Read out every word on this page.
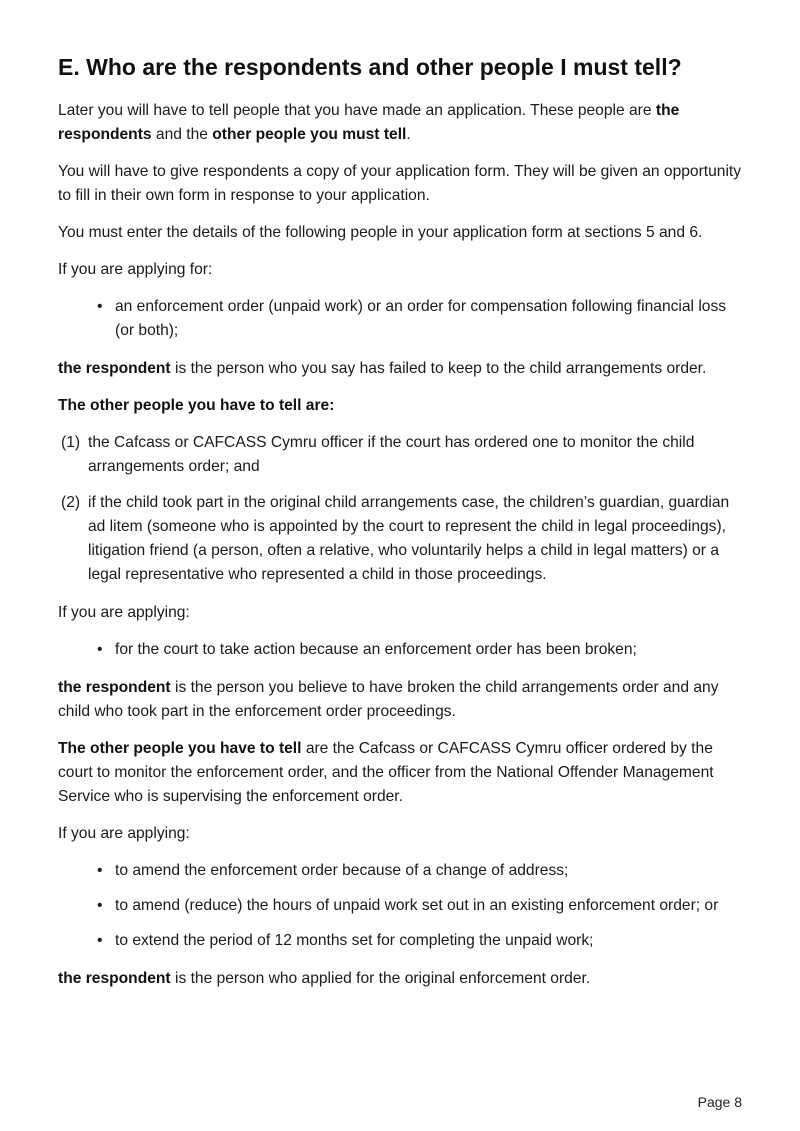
E. Who are the respondents and other people I must tell?

Later you will have to tell people that you have made an application. These people are the respondents and the other people you must tell.

You will have to give respondents a copy of your application form. They will be given an opportunity to fill in their own form in response to your application.

You must enter the details of the following people in your application form at sections 5 and 6.

If you are applying for:

• an enforcement order (unpaid work) or an order for compensation following financial loss (or both);

the respondent is the person who you say has failed to keep to the child arrangements order.

The other people you have to tell are:

(1) the Cafcass or CAFCASS Cymru officer if the court has ordered one to monitor the child arrangements order; and
(2) if the child took part in the original child arrangements case, the children’s guardian, guardian ad litem (someone who is appointed by the court to represent the child in legal proceedings), litigation friend (a person, often a relative, who voluntarily helps a child in legal matters) or a legal representative who represented a child in those proceedings.

If you are applying:

• for the court to take action because an enforcement order has been broken;

the respondent is the person you believe to have broken the child arrangements order and any child who took part in the enforcement order proceedings.

The other people you have to tell are the Cafcass or CAFCASS Cymru officer ordered by the court to monitor the enforcement order, and the officer from the National Offender Management Service who is supervising the enforcement order.

If you are applying:

• to amend the enforcement order because of a change of address;
• to amend (reduce) the hours of unpaid work set out in an existing enforcement order; or
• to extend the period of 12 months set for completing the unpaid work;

the respondent is the person who applied for the original enforcement order.

Page 8
